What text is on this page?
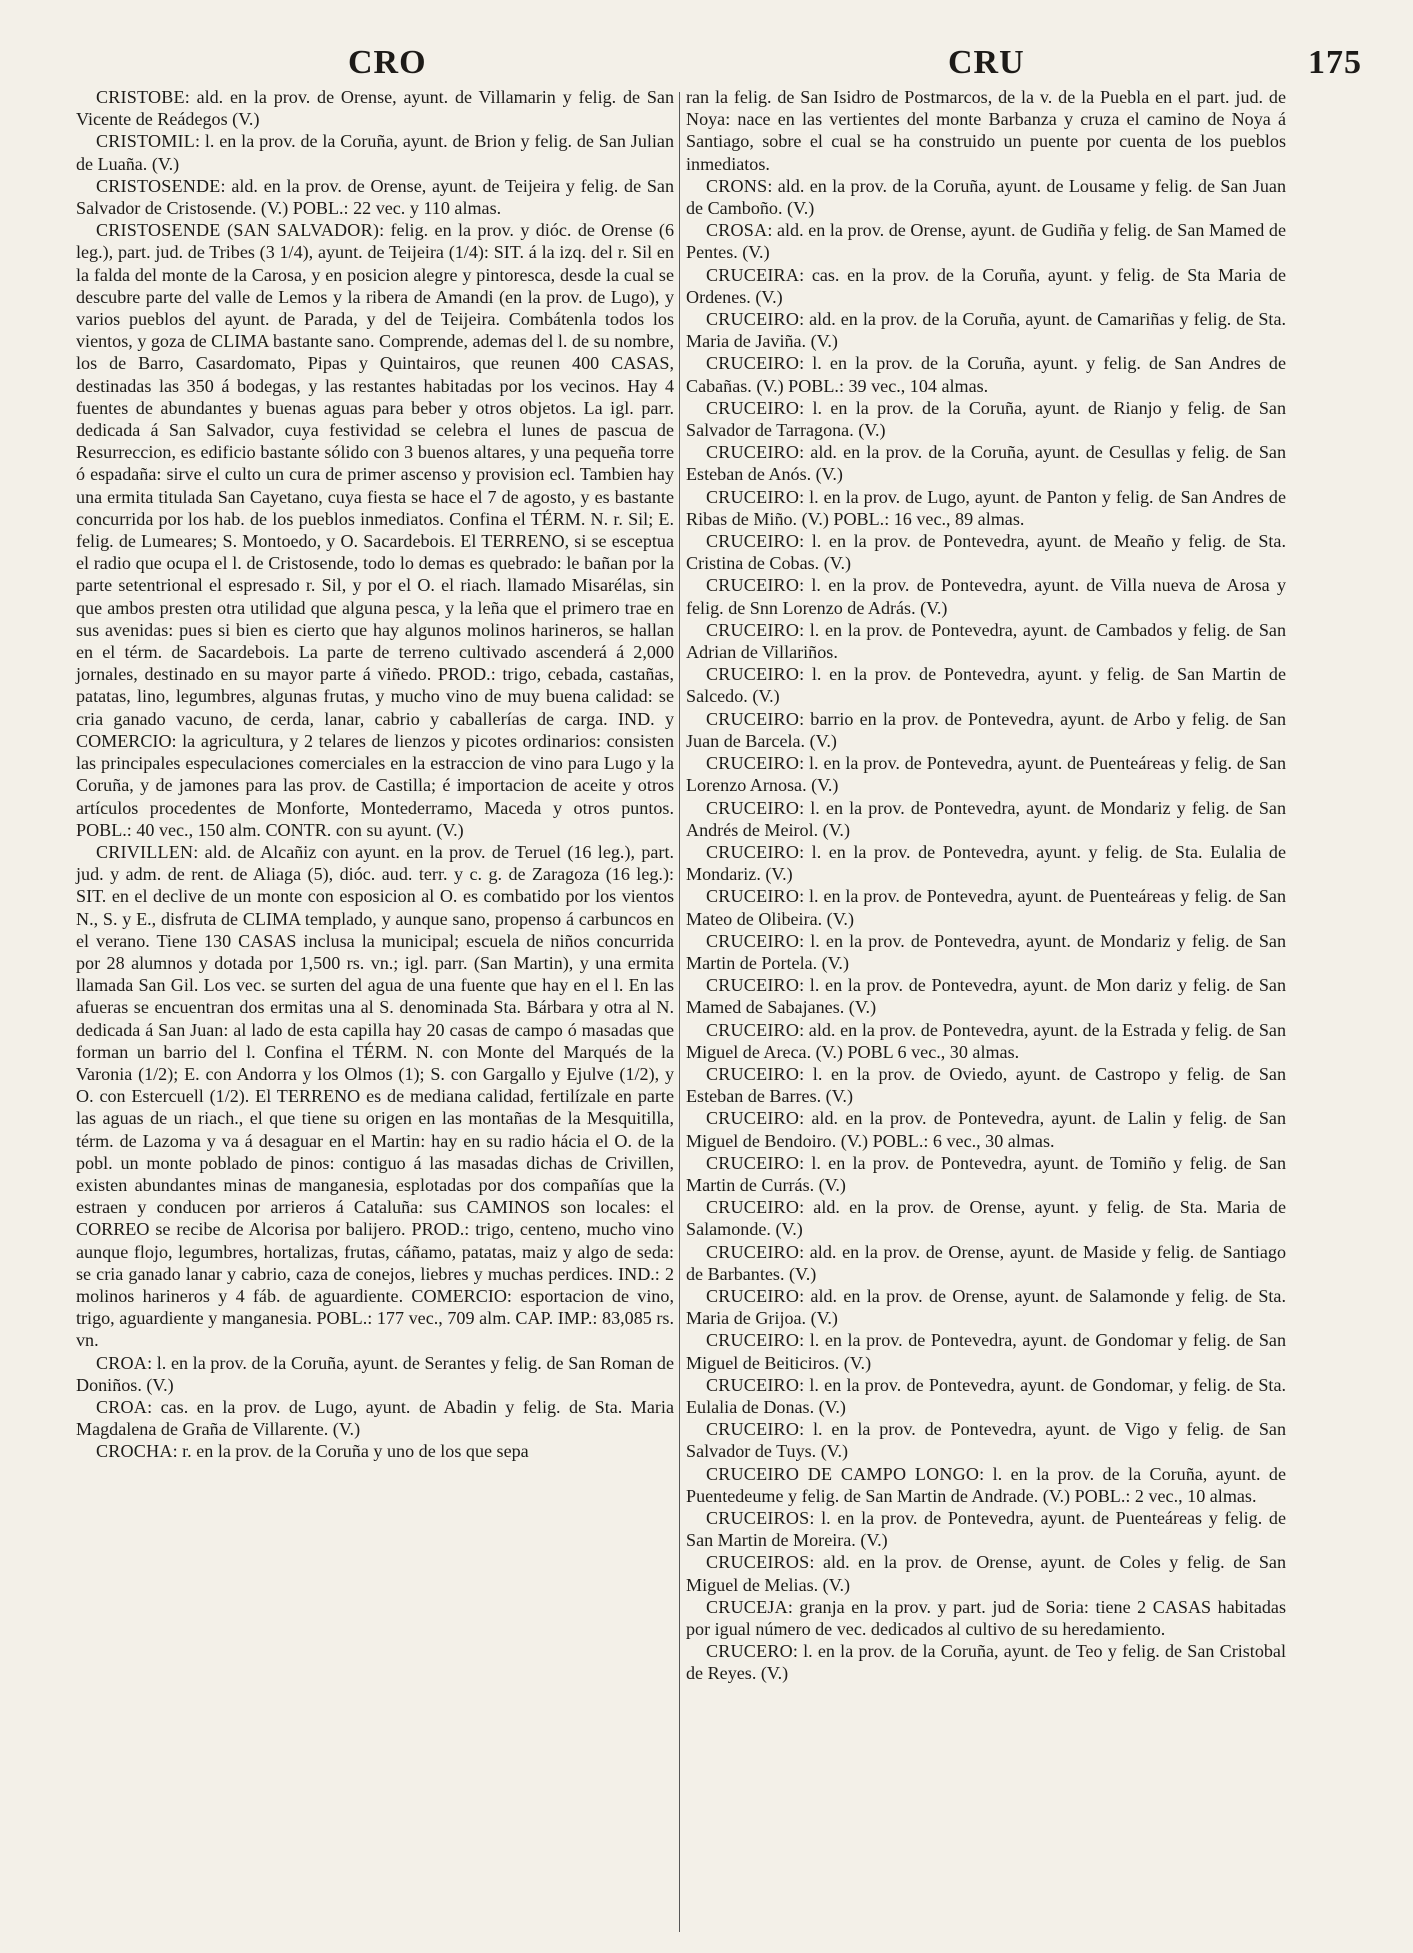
CRO	CRU	175

CRISTOBE: ald. en la prov. de Orense, ayunt. de Villamarin y felig. de San Vicente de Reádegos (V.)

CRISTOMIL: l. en la prov. de la Coruña, ayunt. de Brion y felig. de San Julian de Luaña. (V.)

CRISTOSENDE: ald. en la prov. de Orense, ayunt. de Teijeira y felig. de San Salvador de Cristosende. (V.) POBL.: 22 vec. y 110 almas.

CRISTOSENDE (SAN SALVADOR): felig. en la prov. y dióc. de Orense (6 leg.), part. jud. de Tribes (3 1/4), ayunt. de Teijeira (1/4): SIT. á la izq. del r. Sil en la falda del monte de la Carosa, y en posicion alegre y pintoresca, desde la cual se descubre parte del valle de Lemos y la ribera de Amandi (en la prov. de Lugo), y varios pueblos del ayunt. de Parada, y del de Teijeira. Combátenla todos los vientos, y goza de CLIMA bastante sano. Comprende, ademas del l. de su nombre, los de Barro, Casardomato, Pipas y Quintairos, que reunen 400 CASAS, destinadas las 350 á bodegas, y las restantes habitadas por los vecinos. Hay 4 fuentes de abundantes y buenas aguas para beber y otros objetos. La igl. parr. dedicada á San Salvador, cuya festividad se celebra el lunes de pascua de Resurreccion, es edificio bastante sólido con 3 buenos altares, y una pequeña torre ó espadaña: sirve el culto un cura de primer ascenso y provision ecl. Tambien hay una ermita titulada San Cayetano, cuya fiesta se hace el 7 de agosto, y es bastante concurrida por los hab. de los pueblos inmediatos. Confina el TÉRM. N. r. Sil; E. felig. de Lumeares; S. Montoedo, y O. Sacardebois. El TERRENO, si se esceptua el radio que ocupa el l. de Cristosende, todo lo demas es quebrado: le bañan por la parte setentrional el espresado r. Sil, y por el O. el riach. llamado Misarélas, sin que ambos presten otra utilidad que alguna pesca, y la leña que el primero trae en sus avenidas: pues si bien es cierto que hay algunos molinos harineros, se hallan en el térm. de Sacardebois. La parte de terreno cultivado ascenderá á 2,000 jornales, destinado en su mayor parte á viñedo. PROD.: trigo, cebada, castañas, patatas, lino, legumbres, algunas frutas, y mucho vino de muy buena calidad: se cria ganado vacuno, de cerda, lanar, cabrio y caballerías de carga. IND. y COMERCIO: la agricultura, y 2 telares de lienzos y picotes ordinarios: consisten las principales especulaciones comerciales en la estraccion de vino para Lugo y la Coruña, y de jamones para las prov. de Castilla; é importacion de aceite y otros artículos procedentes de Monforte, Montederramo, Maceda y otros puntos. POBL.: 40 vec., 150 alm. CONTR. con su ayunt. (V.)

CRIVILLEN: ald. de Alcañiz con ayunt. en la prov. de Teruel (16 leg.), part. jud. y adm. de rent. de Aliaga (5), dióc. aud. terr. y c. g. de Zaragoza (16 leg.): SIT. en el declive de un monte con esposicion al O. es combatido por los vientos N., S. y E., disfruta de CLIMA templado, y aunque sano, propenso á carbuncos en el verano. Tiene 130 CASAS inclusa la municipal; escuela de niños concurrida por 28 alumnos y dotada por 1,500 rs. vn.; igl. parr. (San Martin), y una ermita llamada San Gil. Los vec. se surten del agua de una fuente que hay en el l. En las afueras se encuentran dos ermitas una al S. denominada Sta. Bárbara y otra al N. dedicada á San Juan: al lado de esta capilla hay 20 casas de campo ó masadas que forman un barrio del l. Confina el TÉRM. N. con Monte del Marqués de la Varonia (1/2); E. con Andorra y los Olmos (1); S. con Gargallo y Ejulve (1/2), y O. con Estercuell (1/2). El TERRENO es de mediana calidad, fertilízale en parte las aguas de un riach., el que tiene su origen en las montañas de la Mesquitilla, térm. de Lazoma y va á desaguar en el Martin: hay en su radio hácia el O. de la pobl. un monte poblado de pinos: contiguo á las masadas dichas de Crivillen, existen abundantes minas de manganesia, esplotadas por dos compañías que la estraen y conducen por arrieros á Cataluña: sus CAMINOS son locales: el CORREO se recibe de Alcorisa por balijero. PROD.: trigo, centeno, mucho vino aunque flojo, legumbres, hortalizas, frutas, cáñamo, patatas, maiz y algo de seda: se cria ganado lanar y cabrio, caza de conejos, liebres y muchas perdices. IND.: 2 molinos harineros y 4 fáb. de aguardiente. COMERCIO: esportacion de vino, trigo, aguardiente y manganesia. POBL.: 177 vec., 709 alm. CAP. IMP.: 83,085 rs. vn.

CROA: l. en la prov. de la Coruña, ayunt. de Serantes y felig. de San Roman de Doniños. (V.)

CROA: cas. en la prov. de Lugo, ayunt. de Abadin y felig. de Sta. Maria Magdalena de Graña de Villarente. (V.)

CROCHA: r. en la prov. de la Coruña y uno de los que sepa

ran la felig. de San Isidro de Postmarcos, de la v. de la Puebla en el part. jud. de Noya: nace en las vertientes del monte Barbanza y cruza el camino de Noya á Santiago, sobre el cual se ha construido un puente por cuenta de los pueblos inmediatos.

CRONS: ald. en la prov. de la Coruña, ayunt. de Lousame y felig. de San Juan de Camboño. (V.)

CROSA: ald. en la prov. de Orense, ayunt. de Gudiña y felig. de San Mamed de Pentes. (V.)

CRUCEIRA: cas. en la prov. de la Coruña, ayunt. y felig. de Sta Maria de Ordenes. (V.)

CRUCEIRO: ald. en la prov. de la Coruña, ayunt. de Camariñas y felig. de Sta. Maria de Javiña. (V.)

CRUCEIRO: l. en la prov. de la Coruña, ayunt. y felig. de San Andres de Cabañas. (V.) POBL.: 39 vec., 104 almas.

CRUCEIRO: l. en la prov. de la Coruña, ayunt. de Rianjo y felig. de San Salvador de Tarragona. (V.)

CRUCEIRO: ald. en la prov. de la Coruña, ayunt. de Cesullas y felig. de San Esteban de Anós. (V.)

CRUCEIRO: l. en la prov. de Lugo, ayunt. de Panton y felig. de San Andres de Ribas de Miño. (V.) POBL.: 16 vec., 89 almas.

CRUCEIRO: l. en la prov. de Pontevedra, ayunt. de Meaño y felig. de Sta. Cristina de Cobas. (V.)

CRUCEIRO: l. en la prov. de Pontevedra, ayunt. de Villa nueva de Arosa y felig. de Snn Lorenzo de Adrás. (V.)

CRUCEIRO: l. en la prov. de Pontevedra, ayunt. de Cambados y felig. de San Adrian de Villariños.

CRUCEIRO: l. en la prov. de Pontevedra, ayunt. y felig. de San Martin de Salcedo. (V.)

CRUCEIRO: barrio en la prov. de Pontevedra, ayunt. de Arbo y felig. de San Juan de Barcela. (V.)

CRUCEIRO: l. en la prov. de Pontevedra, ayunt. de Puenteáreas y felig. de San Lorenzo Arnosa. (V.)

CRUCEIRO: l. en la prov. de Pontevedra, ayunt. de Mondariz y felig. de San Andrés de Meirol. (V.)

CRUCEIRO: l. en la prov. de Pontevedra, ayunt. y felig. de Sta. Eulalia de Mondariz. (V.)

CRUCEIRO: l. en la prov. de Pontevedra, ayunt. de Puenteáreas y felig. de San Mateo de Olibeira. (V.)

CRUCEIRO: l. en la prov. de Pontevedra, ayunt. de Mondariz y felig. de San Martin de Portela. (V.)

CRUCEIRO: l. en la prov. de Pontevedra, ayunt. de Mon dariz y felig. de San Mamed de Sabajanes. (V.)

CRUCEIRO: ald. en la prov. de Pontevedra, ayunt. de la Estrada y felig. de San Miguel de Areca. (V.) POBL 6 vec., 30 almas.

CRUCEIRO: l. en la prov. de Oviedo, ayunt. de Castropo y felig. de San Esteban de Barres. (V.)

CRUCEIRO: ald. en la prov. de Pontevedra, ayunt. de Lalin y felig. de San Miguel de Bendoiro. (V.) POBL.: 6 vec., 30 almas.

CRUCEIRO: l. en la prov. de Pontevedra, ayunt. de Tomiño y felig. de San Martin de Currás. (V.)

CRUCEIRO: ald. en la prov. de Orense, ayunt. y felig. de Sta. Maria de Salamonde. (V.)

CRUCEIRO: ald. en la prov. de Orense, ayunt. de Maside y felig. de Santiago de Barbantes. (V.)

CRUCEIRO: ald. en la prov. de Orense, ayunt. de Salamonde y felig. de Sta. Maria de Grijoa. (V.)

CRUCEIRO: l. en la prov. de Pontevedra, ayunt. de Gondomar y felig. de San Miguel de Beiticiros. (V.)

CRUCEIRO: l. en la prov. de Pontevedra, ayunt. de Gondomar, y felig. de Sta. Eulalia de Donas. (V.)

CRUCEIRO: l. en la prov. de Pontevedra, ayunt. de Vigo y felig. de San Salvador de Tuys. (V.)

CRUCEIRO DE CAMPO LONGO: l. en la prov. de la Coruña, ayunt. de Puentedeume y felig. de San Martin de Andrade. (V.) POBL.: 2 vec., 10 almas.

CRUCEIROS: l. en la prov. de Pontevedra, ayunt. de Puenteáreas y felig. de San Martin de Moreira. (V.)

CRUCEIROS: ald. en la prov. de Orense, ayunt. de Coles y felig. de San Miguel de Melias. (V.)

CRUCEJA: granja en la prov. y part. jud de Soria: tiene 2 CASAS habitadas por igual número de vec. dedicados al cultivo de su heredamiento.

CRUCERO: l. en la prov. de la Coruña, ayunt. de Teo y felig. de San Cristobal de Reyes. (V.)
